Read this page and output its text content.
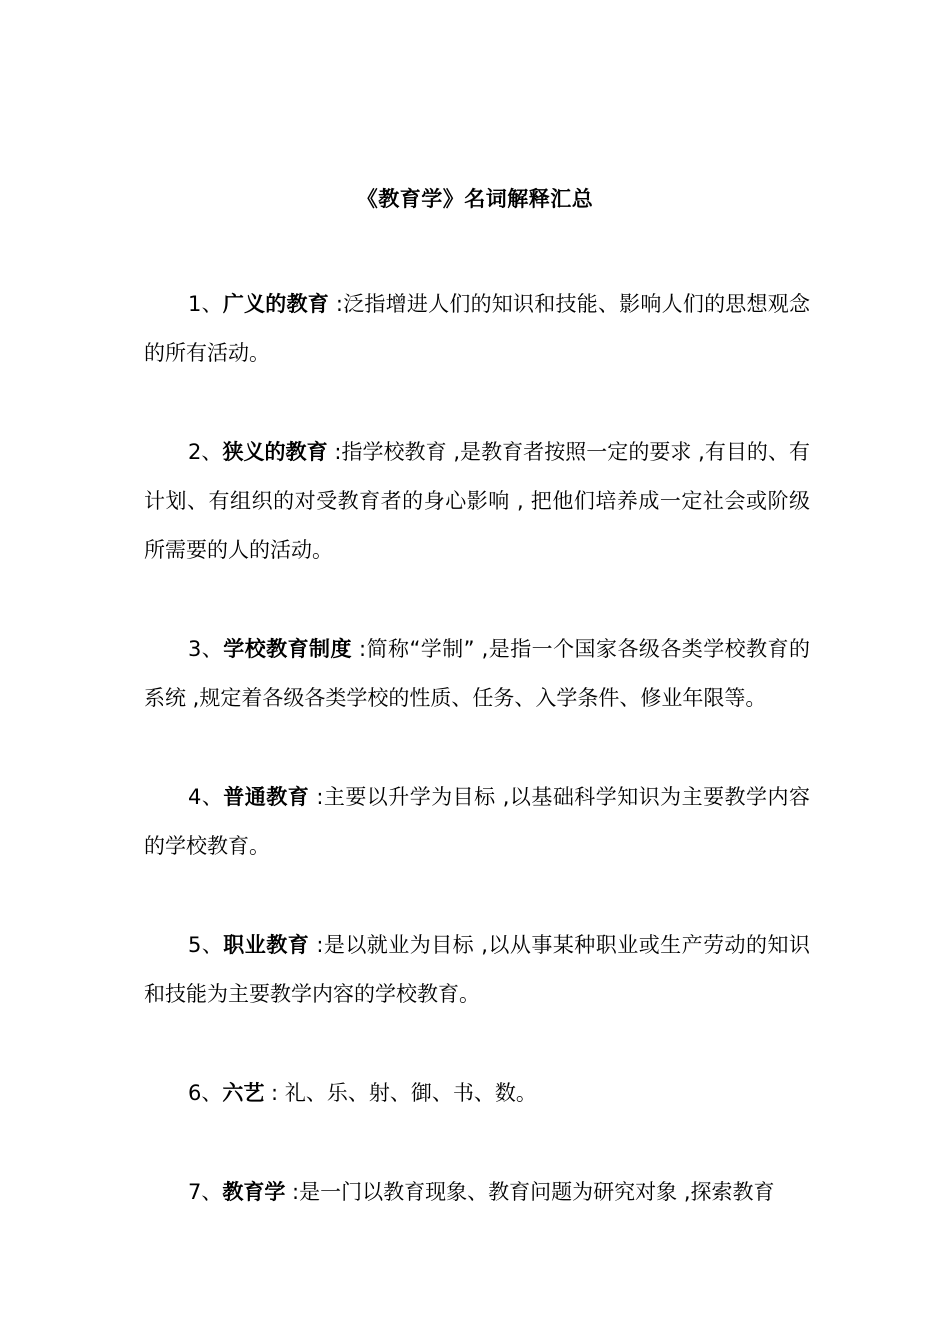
《教育学》名词解释汇总

1、广义的教育 :泛指增进人们的知识和技能、影响人们的思想观念的所有活动。

2、狭义的教育 :指学校教育 ,是教育者按照一定的要求 ,有目的、有计划、有组织的对受教育者的身心影响 , 把他们培养成一定社会或阶级所需要的人的活动。

3、学校教育制度 :简称“学制” ,是指一个国家各级各类学校教育的系统 ,规定着各级各类学校的性质、任务、入学条件、修业年限等。

4、普通教育 :主要以升学为目标 ,以基础科学知识为主要教学内容的学校教育。

5、职业教育 :是以就业为目标 ,以从事某种职业或生产劳动的知识和技能为主要教学内容的学校教育。

6、六艺 : 礼、乐、射、御、书、数。

7、教育学 :是一门以教育现象、教育问题为研究对象 ,探索教育
